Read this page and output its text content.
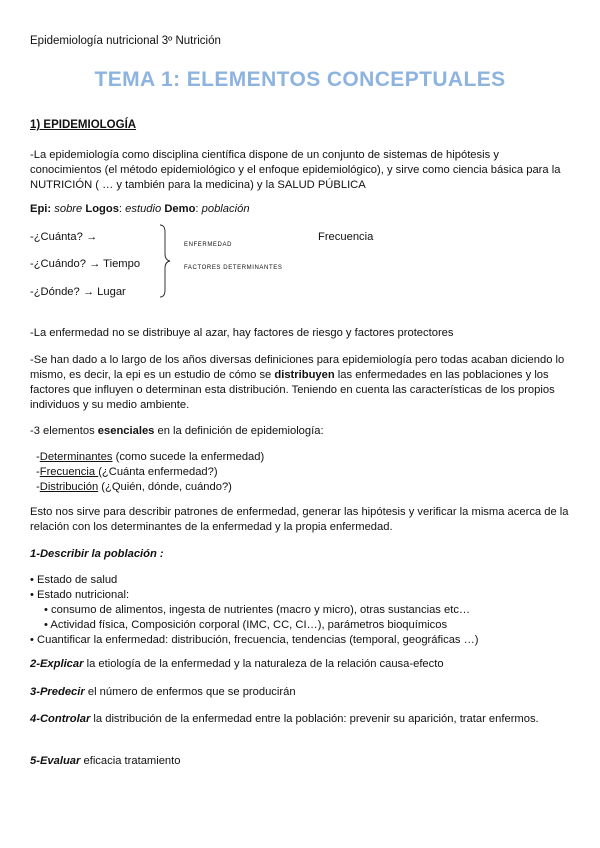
Epidemiología nutricional 3º Nutrición
TEMA 1: ELEMENTOS CONCEPTUALES
1) EPIDEMIOLOGÍA
-La epidemiología como disciplina científica dispone de un conjunto de sistemas de hipótesis y conocimientos (el método epidemiológico y el enfoque epidemiológico), y sirve como ciencia básica para la NUTRICIÓN ( … y también para la medicina) y la SALUD PÚBLICA
Epi: sobre Logos: estudio Demo: población
-¿Cuánta? →
-¿Cuándo? → Tiempo
-¿Dónde? → Lugar
ENFERMEDAD
FACTORES DETERMINANTES
Frecuencia
-La enfermedad no se distribuye al azar, hay factores de riesgo y factores protectores
-Se han dado a lo largo de los años diversas definiciones para epidemiología pero todas acaban diciendo lo mismo, es decir, la epi es un estudio de cómo se distribuyen las enfermedades en las poblaciones y los factores que influyen o determinan esta distribución. Teniendo en cuenta las características de los propios individuos y su medio ambiente.
-3 elementos esenciales en la definición de epidemiología:
-Determinantes (como sucede la enfermedad)
-Frecuencia (¿Cuánta enfermedad?)
-Distribución (¿Quién, dónde, cuándo?)
Esto nos sirve para describir patrones de enfermedad, generar las hipótesis y verificar la misma acerca de la relación con los determinantes de la enfermedad y la propia enfermedad.
1-Describir la población :
• Estado de salud
• Estado nutricional:
• consumo de alimentos, ingesta de nutrientes (macro y micro), otras sustancias etc…
• Actividad física, Composición corporal (IMC, CC, CI…), parámetros bioquímicos
• Cuantificar la enfermedad: distribución, frecuencia, tendencias (temporal, geográficas …)
2-Explicar la etiología de la enfermedad y la naturaleza de la relación causa-efecto
3-Predecir el número de enfermos que se producirán
4-Controlar la distribución de la enfermedad entre la población: prevenir su aparición, tratar enfermos.
5-Evaluar eficacia tratamiento
